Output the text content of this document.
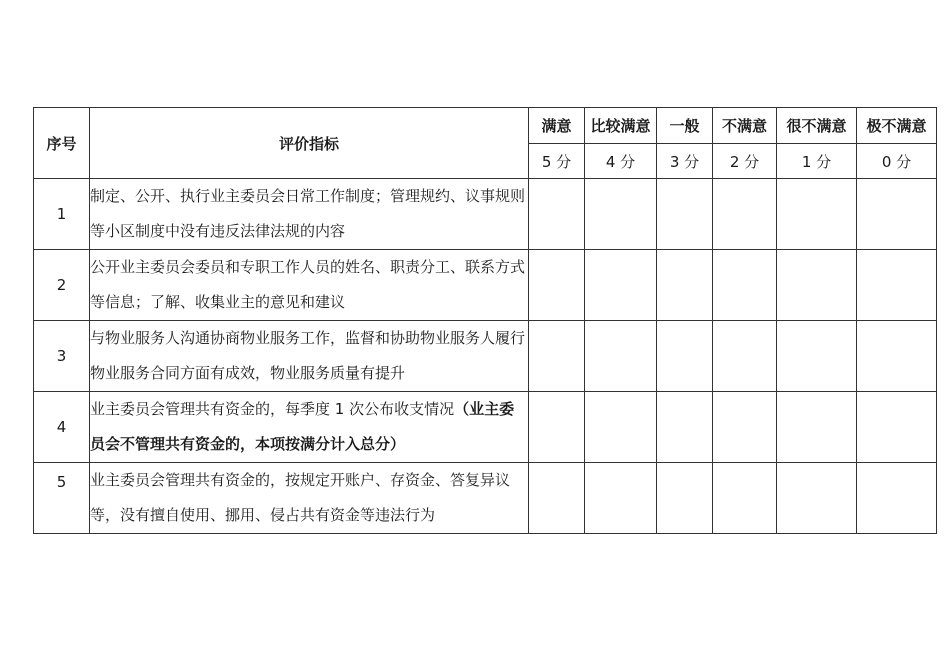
序号	评价指标	满意	比较满意	一般	不满意	很不满意	极不满意
		5 分	4 分	3 分	2 分	1 分	0 分
1	制定、公开、执行业主委员会日常工作制度；管理规约、议事规则等小区制度中没有违反法律法规的内容						
2	公开业主委员会委员和专职工作人员的姓名、职责分工、联系方式等信息；了解、收集业主的意见和建议						
3	与物业服务人沟通协商物业服务工作，监督和协助物业服务人履行物业服务合同方面有成效，物业服务质量有提升						
4	业主委员会管理共有资金的，每季度 1 次公布收支情况（业主委员会不管理共有资金的，本项按满分计入总分）						
5	业主委员会管理共有资金的，按规定开账户、存资金、答复异议等，没有擅自使用、挪用、侵占共有资金等违法行为						
